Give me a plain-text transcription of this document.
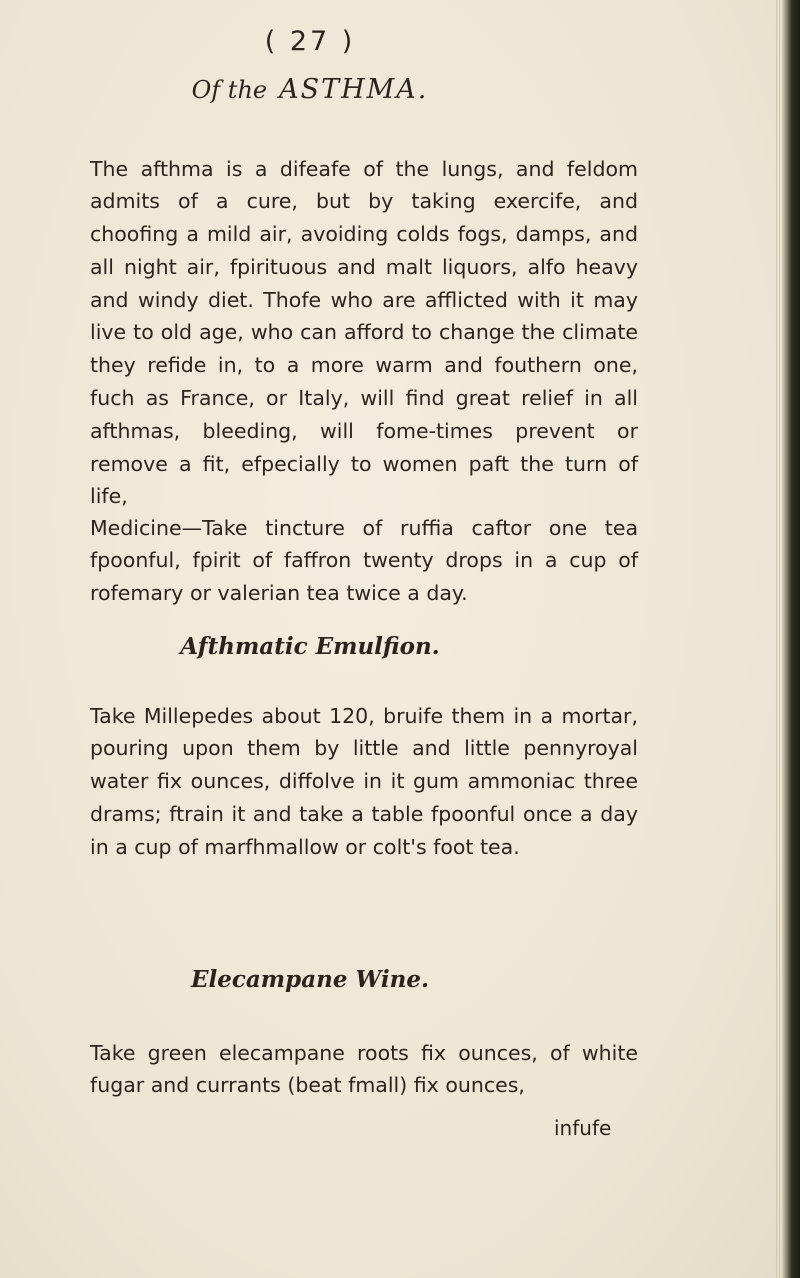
( 27 )
Of the ASTHMA.

The afthma is a difeafe of the lungs, and feldom admits of a cure, but by taking exercife, and choofing a mild air, avoiding colds fogs, damps, and all night air, fpirituous and malt liquors, alfo heavy and windy diet. Thofe who are afflicted with it may live to old age, who can afford to change the climate they refide in, to a more warm and fouthern one, fuch as France, or Italy, will find great relief in all afthmas, bleeding, will fome-times prevent or remove a fit, efpecially to women paft the turn of life,

Medicine—Take tincture of ruffia caftor one tea fpoonful, fpirit of faffron twenty drops in a cup of rofemary or valerian tea twice a day.

Afthmatic Emulfion.

Take Millepedes about 120, bruife them in a mortar, pouring upon them by little and little pennyroyal water fix ounces, diffolve in it gum ammoniac three drams; ftrain it and take a table fpoonful once a day in a cup of marfhmallow or colt's foot tea.

Elecampane Wine.

Take green elecampane roots fix ounces, of white fugar and currants (beat fmall) fix ounces,

infufe
